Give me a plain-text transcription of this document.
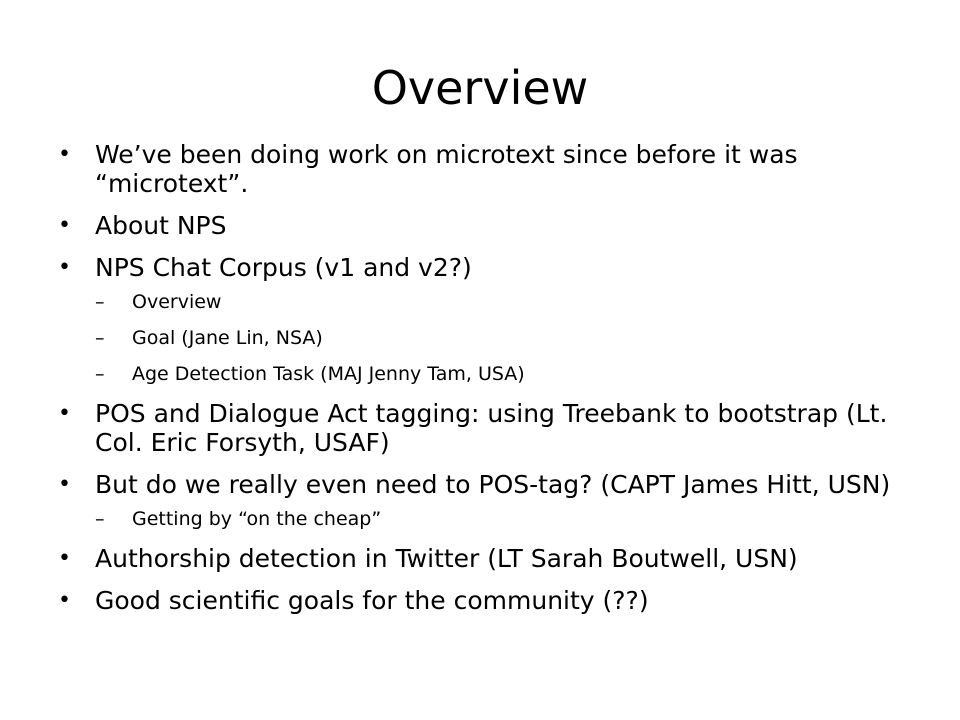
Overview
• We’ve been doing work on microtext since before it was “microtext”.
• About NPS
• NPS Chat Corpus (v1 and v2?)
– Overview
– Goal (Jane Lin, NSA)
– Age Detection Task (MAJ Jenny Tam, USA)
• POS and Dialogue Act tagging: using Treebank to bootstrap (Lt. Col. Eric Forsyth, USAF)
• But do we really even need to POS-tag? (CAPT James Hitt, USN)
– Getting by “on the cheap”
• Authorship detection in Twitter (LT Sarah Boutwell, USN)
• Good scientific goals for the community (??)
